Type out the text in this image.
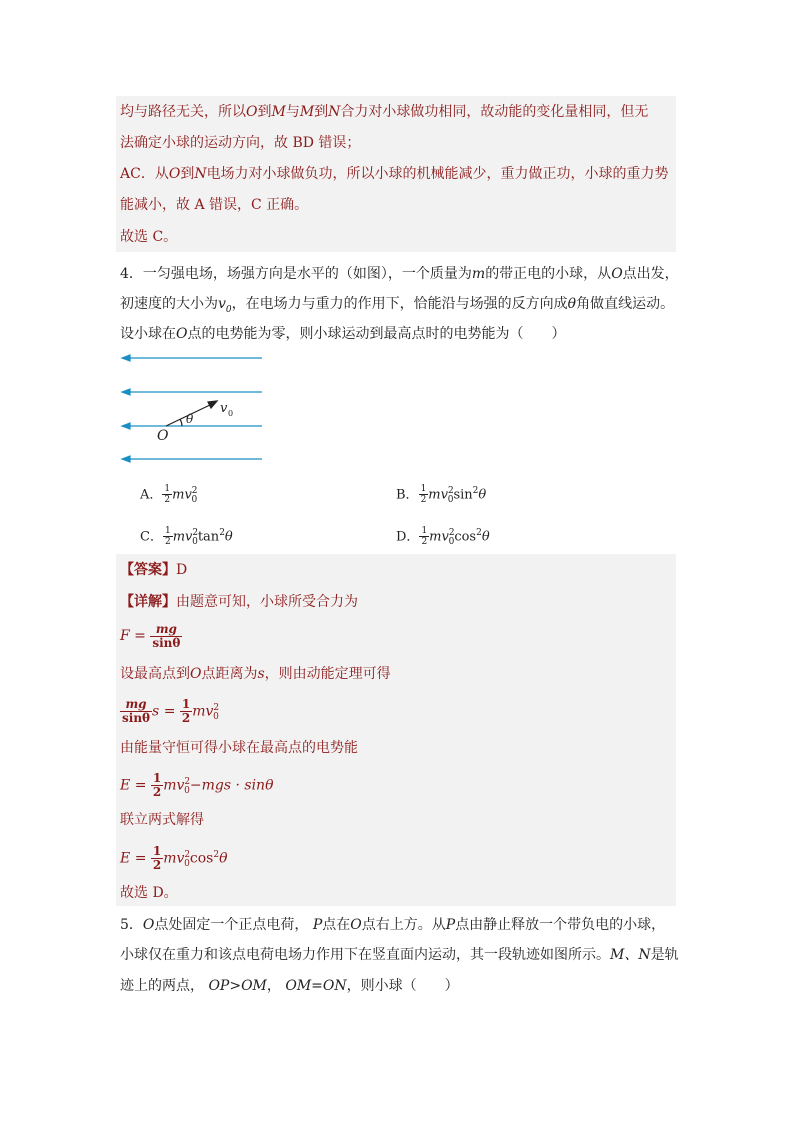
均与路径无关，所以O到M与M到N合力对小球做功相同，故动能的变化量相同，但无
法确定小球的运动方向，故 BD 错误；
AC．从O到N电场力对小球做负功，所以小球的机械能减少，重力做正功，小球的重力势
能减小，故 A 错误，C 正确。
故选 C。
4．一匀强电场，场强方向是水平的（如图），一个质量为m的带正电的小球，从O点出发，
初速度的大小为$v_0$，在电场力与重力的作用下，恰能沿与场强的反方向成θ角做直线运动。
设小球在O点的电势能为零，则小球运动到最高点时的电势能为（　　）
v 0
θ
O
A． $\frac{1}{2} mv^2_0$	B． $\frac{1}{2} mv^2_0\sin^2\theta$
C． $\frac{1}{2} mv^2_0\tan^2\theta$	D． $\frac{1}{2} mv^2_0\cos^2\theta$
【答案】D
【详解】由题意可知，小球所受合力为
$F = \frac{mg}{\sin\theta}$
设最高点到O点距离为s，则由动能定理可得
$\frac{mg}{\sin\theta}$ $s = \frac{1}{2} mv^2_0$
由能量守恒可得小球在最高点的电势能
$E = \frac{1}{2} mv^2_0-mgs \cdot \sin\theta$
联立两式解得
$E = \frac{1}{2} mv^2_0\cos^2\theta$
故选 D。
5．O点处固定一个正点电荷， P点在O点右上方。从P点由静止释放一个带负电的小球，
小球仅在重力和该点电荷电场力作用下在竖直面内运动，其一段轨迹如图所示。M、N是轨
迹上的两点， OP>OM， OM=ON，则小球（　　）
